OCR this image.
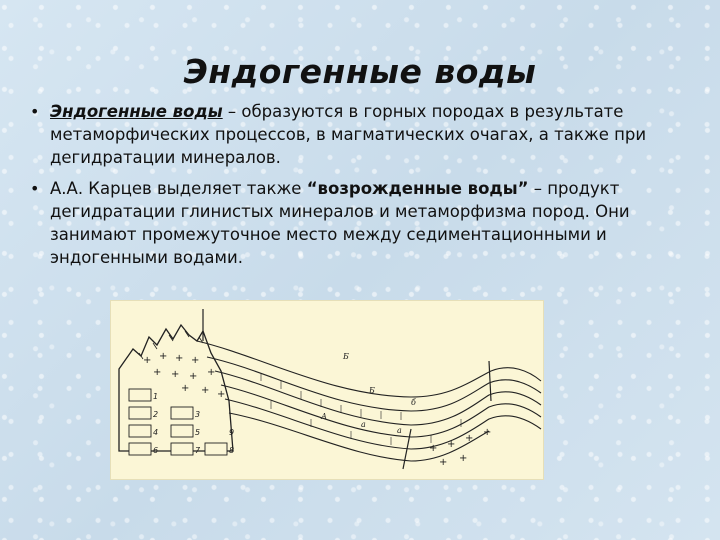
Эндогенные воды
• Эндогенные воды – образуются в горных породах в результате метаморфических процессов, в магматических очагах, а также при дегидратации минералов.
• А.А. Карцев выделяет также “возрожденные воды” – продукт дегидратации глинистых минералов и метаморфизма пород. Они занимают промежуточное место между седиментационными и эндогенными водами.
+ + + +
+ + + +
+ + +
+ +
+
+
+ +
1
2	3
4	5
6	7	8
9
Б
А
Б
б
а
a
